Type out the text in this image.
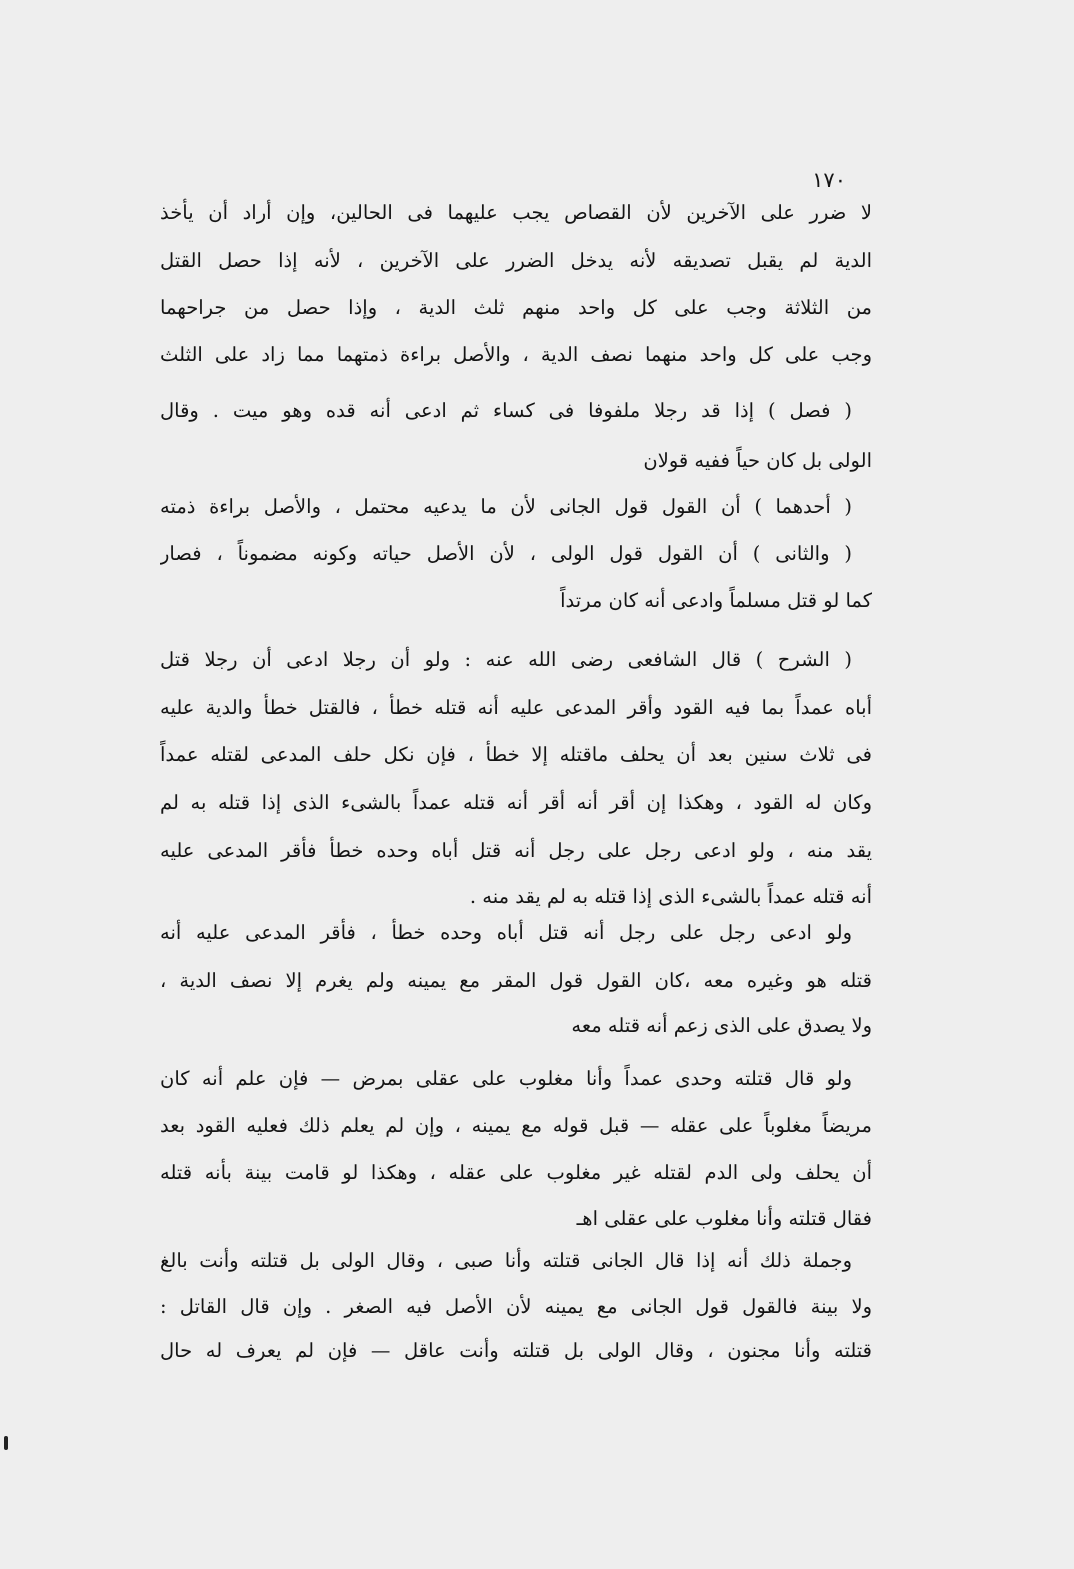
١٧٠
لا ضرر على الآخرين لأن القصاص يجب عليهما فى الحالين، وإن أراد أن يأخذ
الدية لم يقبل تصديقه لأنه يدخل الضرر على الآخرين ، لأنه إذا حصل القتل
من الثلاثة وجب على كل واحد منهم ثلث الدية ، وإذا حصل من جراحهما
وجب على كل واحد منهما نصف الدية ، والأصل براءة ذمتهما مما زاد على الثلث
( فصل ) إذا قد رجلا ملفوفا فى كساء ثم ادعى أنه قده وهو ميت . وقال
الولى بل كان حياً ففيه قولان
( أحدهما ) أن القول قول الجانى لأن ما يدعيه محتمل ، والأصل براءة ذمته
( والثانى ) أن القول قول الولى ، لأن الأصل حياته وكونه مضموناً ، فصار
كما لو قتل مسلماً وادعى أنه كان مرتداً
( الشرح ) قال الشافعى رضى الله عنه : ولو أن رجلا ادعى أن رجلا قتل
أباه عمداً بما فيه القود وأقر المدعى عليه أنه قتله خطأ ، فالقتل خطأ والدية عليه
فى ثلاث سنين بعد أن يحلف ماقتله إلا خطأ ، فإن نكل حلف المدعى لقتله عمداً
وكان له القود ، وهكذا إن أقر أنه أقر أنه قتله عمداً بالشىء الذى إذا قتله به لم
يقد منه ، ولو ادعى رجل على رجل أنه قتل أباه وحده خطأ فأقر المدعى عليه
أنه قتله عمداً بالشىء الذى إذا قتله به لم يقد منه .
ولو ادعى رجل على رجل أنه قتل أباه وحده خطأ ، فأقر المدعى عليه أنه
قتله هو وغيره معه ،كان القول قول المقر مع يمينه ولم يغرم إلا نصف الدية ،
ولا يصدق على الذى زعم أنه قتله معه
ولو قال قتلته وحدى عمداً وأنا مغلوب على عقلى بمرض — فإن علم أنه كان
مريضاً مغلوباً على عقله — قبل قوله مع يمينه ، وإن لم يعلم ذلك فعليه القود بعد
أن يحلف ولى الدم لقتله غير مغلوب على عقله ، وهكذا لو قامت بينة بأنه قتله
فقال قتلته وأنا مغلوب على عقلى اهـ
وجملة ذلك أنه إذا قال الجانى قتلته وأنا صبى ، وقال الولى بل قتلته وأنت بالغ
ولا بينة فالقول قول الجانى مع يمينه لأن الأصل فيه الصغر . وإن قال القاتل :
قتلته وأنا مجنون ، وقال الولى بل قتلته وأنت عاقل — فإن لم يعرف له حال
